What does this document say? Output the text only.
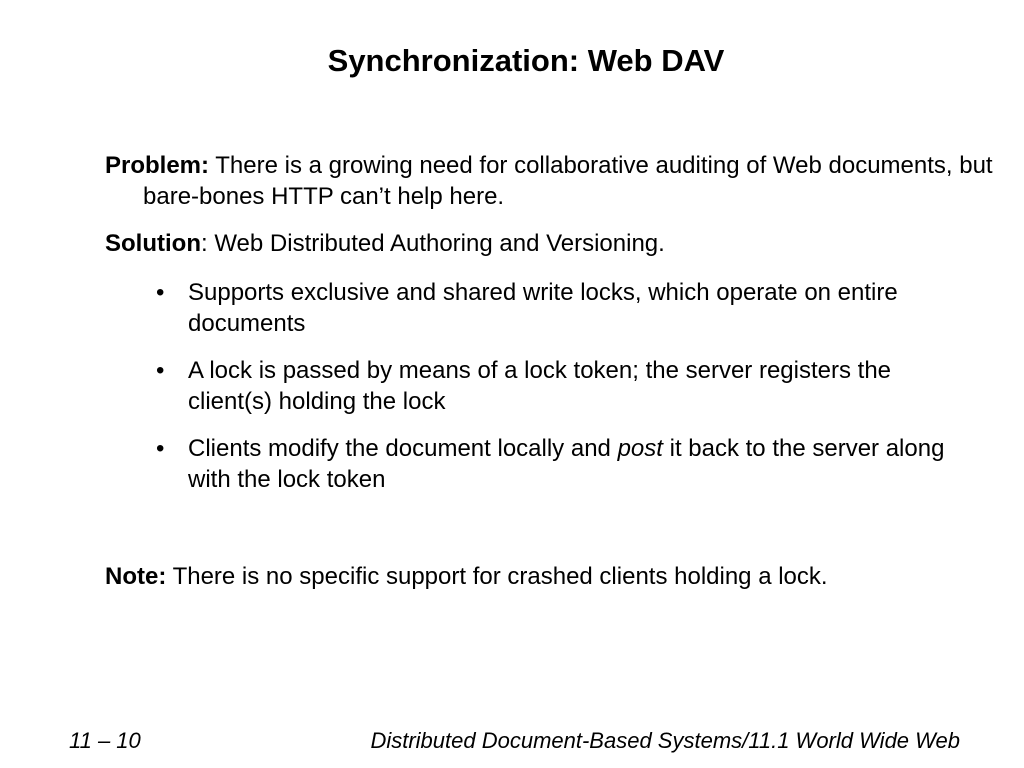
Synchronization: Web DAV

Problem: There is a growing need for collaborative auditing of Web documents, but bare-bones HTTP can’t help here.

Solution: Web Distributed Authoring and Versioning.

• Supports exclusive and shared write locks, which operate on entire documents
• A lock is passed by means of a lock token; the server registers the client(s) holding the lock
• Clients modify the document locally and post it back to the server along with the lock token

Note: There is no specific support for crashed clients holding a lock.

11 – 10	Distributed Document-Based Systems/11.1 World Wide Web
